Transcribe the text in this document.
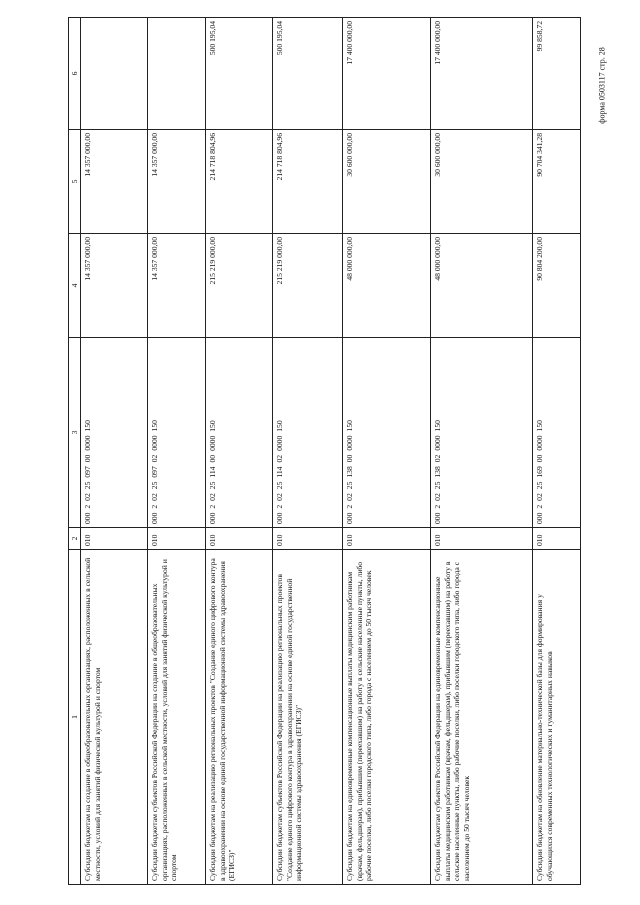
форма 0503117 стр. 28
1	2	3	4	5	6
Субсидии бюджетам на создание в общеобразовательных организациях, расположенных в сельской местности, условий для занятий физической культурой и спортом	010	00020225097000000150	14 357 000,00	14 357 000,00	
Субсидии бюджетам субъектов Российской Федерации на создание в общеобразовательных организациях, расположенных в сельской местности, условий для занятий физической культурой и спортом	010	00020225097020000150	14 357 000,00	14 357 000,00	
Субсидии бюджетам на реализацию региональных проектов "Создание единого цифрового контура в здравоохранении на основе единой государственной информационной системы здравоохранения (ЕГИСЗ)"	010	00020225114000000150	215 219 000,00	214 718 804,96	500 195,04
Субсидии бюджетам субъектов Российской Федерации на реализацию региональных проектов "Создание единого цифрового контура в здравоохранении на основе единой государственной информационной системы здравоохранения (ЕГИСЗ)"	010	00020225114020000150	215 219 000,00	214 718 804,96	500 195,04
Субсидии бюджетам на единовременные компенсационные выплаты медицинским работникам (врачам, фельдшерам), прибывшим (переехавшим) на работу в сельские населенные пункты, либо рабочие поселки, либо поселки городского типа, либо города с населением до 50 тысяч человек	010	00020225138000000150	48 000 000,00	30 600 000,00	17 400 000,00
Субсидии бюджетам субъектов Российской Федерации на единовременные компенсационные выплаты медицинским работникам (врачам, фельдшерам), прибывшим (переехавшим) на работу в сельские населенные пункты, либо рабочие поселки, либо поселки городского типа, либо города с населением до 50 тысяч человек	010	00020225138020000150	48 000 000,00	30 600 000,00	17 400 000,00
Субсидии бюджетам на обновление материально-технической базы для формирования у обучающихся современных технологических и гуманитарных навыков	010	00020225169000000150	90 804 200,00	90 704 341,28	99 858,72
